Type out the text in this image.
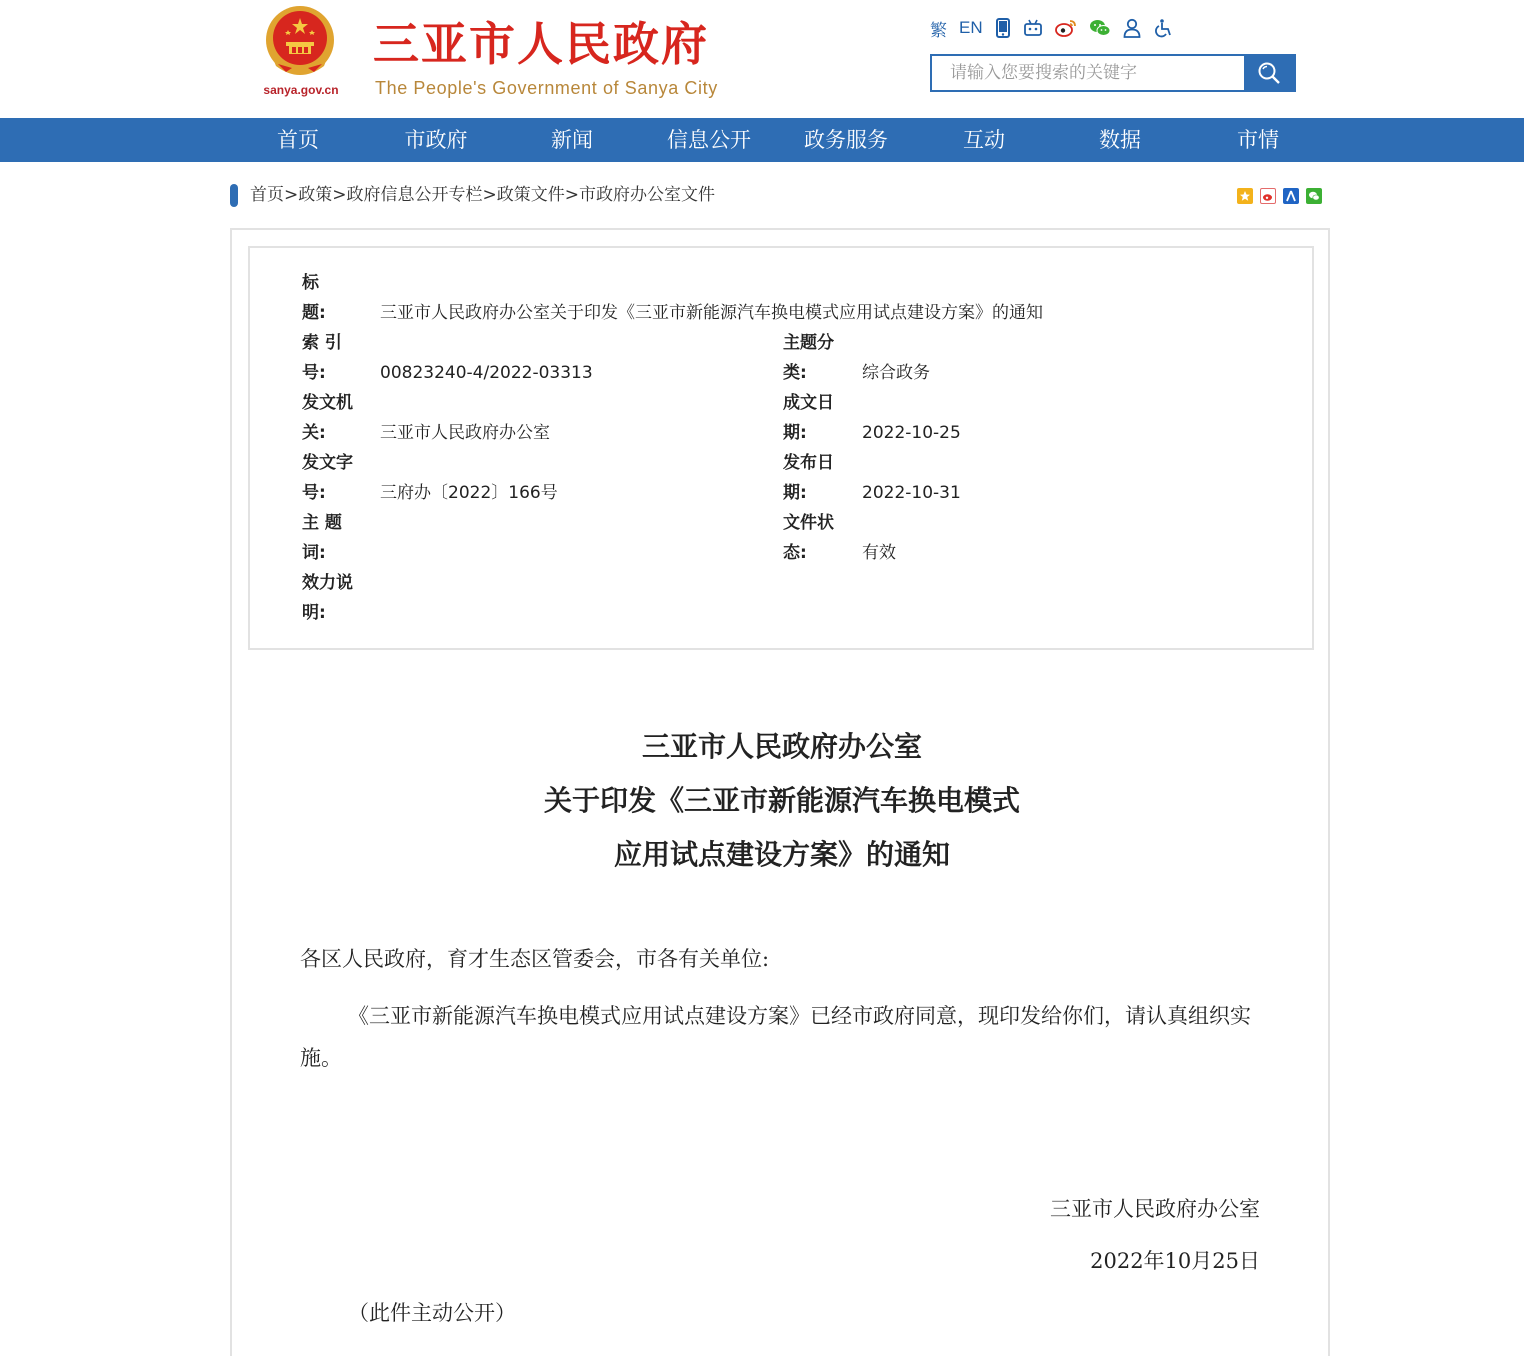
sanya.gov.cn
三亚市人民政府
The People's Government of Sanya City
繁 EN
请输入您要搜索的关键字
首页	市政府	新闻	信息公开	政务服务	互动	数据	市情
首页 > 政策 > 政府信息公开专栏 > 政策文件 > 市政府办公室文件
标
题:	三亚市人民政府办公室关于印发《三亚市新能源汽车换电模式应用试点建设方案》的通知
索 引
号:	00823240-4/2022-03313
主题分
类:	综合政务
发文机
关:	三亚市人民政府办公室
成文日
期:	2022-10-25
发文字
号:	三府办〔2022〕166号
发布日
期:	2022-10-31
主 题
词:
文件状
态:	有效
效力说
明:
三亚市人民政府办公室
关于印发《三亚市新能源汽车换电模式
应用试点建设方案》的通知
各区人民政府，育才生态区管委会，市各有关单位:
《三亚市新能源汽车换电模式应用试点建设方案》已经市政府同意，现印发给你们，请认真组织实施。
三亚市人民政府办公室
2022年10月25日
（此件主动公开）
